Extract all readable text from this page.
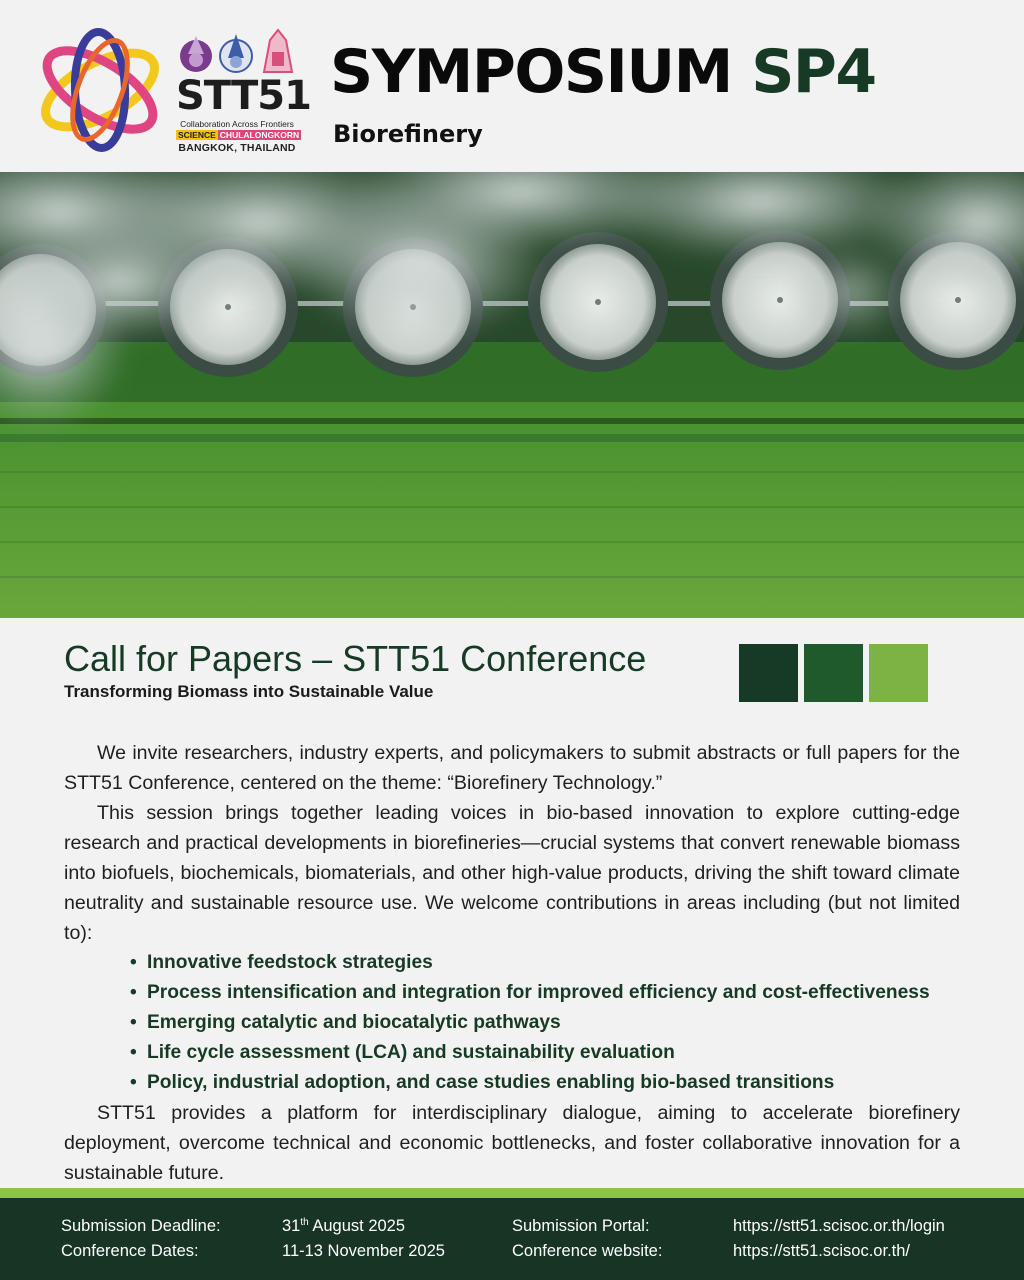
STT51
Collaboration Across Frontiers
SCIENCE CHULALONGKORN
BANGKOK, THAILAND
SYMPOSIUM SP4
Biorefinery
Call for Papers – STT51 Conference
Transforming Biomass into Sustainable Value

We invite researchers, industry experts, and policymakers to submit abstracts or full papers for the STT51 Conference, centered on the theme: “Biorefinery Technology.”

This session brings together leading voices in bio-based innovation to explore cutting-edge research and practical developments in biorefineries—crucial systems that convert renewable biomass into biofuels, biochemicals, biomaterials, and other high-value products, driving the shift toward climate neutrality and sustainable resource use. We welcome contributions in areas including (but not limited to):

• Innovative feedstock strategies
• Process intensification and integration for improved efficiency and cost-effectiveness
• Emerging catalytic and biocatalytic pathways
• Life cycle assessment (LCA) and sustainability evaluation
• Policy, industrial adoption, and case studies enabling bio-based transitions

STT51 provides a platform for interdisciplinary dialogue, aiming to accelerate biorefinery deployment, overcome technical and economic bottlenecks, and foster collaborative innovation for a sustainable future.

Submission Deadline:	31th August 2025
Conference Dates:	11-13 November 2025
Submission Portal:	https://stt51.scisoc.or.th/login
Conference website:	https://stt51.scisoc.or.th/
